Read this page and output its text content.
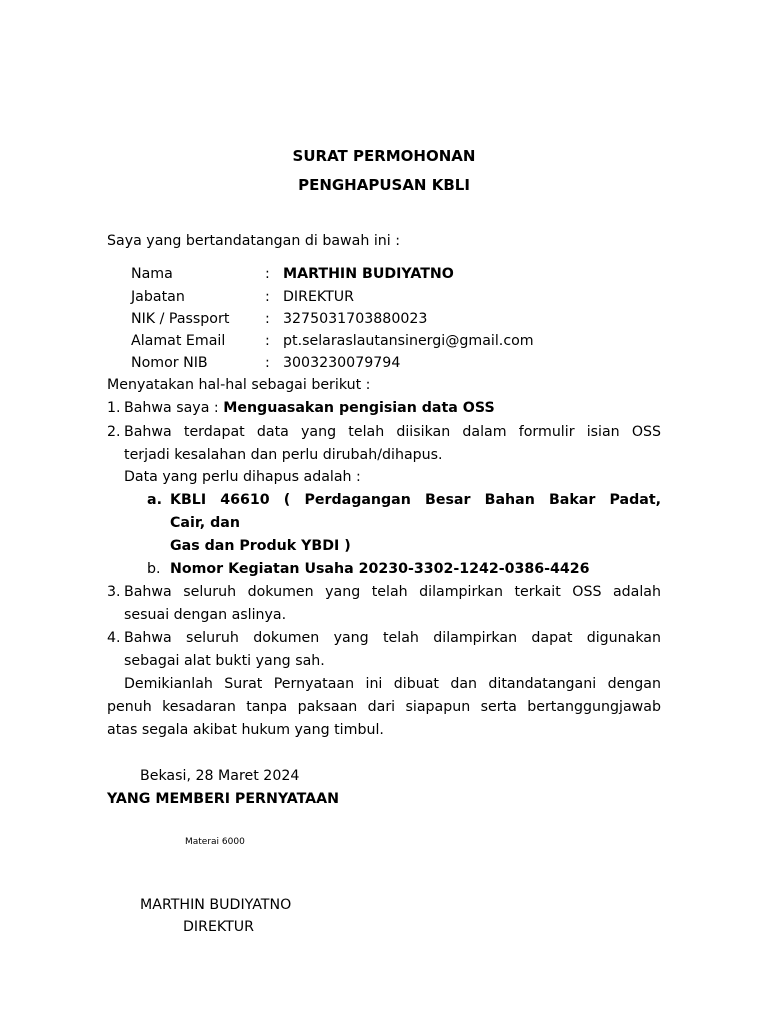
SURAT PERMOHONAN
PENGHAPUSAN KBLI
Saya yang bertandatangan di bawah ini :
Nama	: MARTHIN BUDIYATNO
Jabatan	: DIREKTUR
NIK / Passport	: 3275031703880023
Alamat Email	: pt.selaraslautansinergi@gmail.com
Nomor NIB	: 3003230079794
Menyatakan hal-hal sebagai berikut :
1. Bahwa saya : Menguasakan pengisian data OSS
2. Bahwa terdapat data yang telah diisikan dalam formulir isian OSS
terjadi kesalahan dan perlu dirubah/dihapus.
Data yang perlu dihapus adalah :
a. KBLI 46610 ( Perdagangan Besar Bahan Bakar Padat,
Cair, dan
Gas dan Produk YBDI )
b. Nomor Kegiatan Usaha 20230-3302-1242-0386-4426
3. Bahwa seluruh dokumen yang telah dilampirkan terkait OSS adalah
sesuai dengan aslinya.
4. Bahwa seluruh dokumen yang telah dilampirkan dapat digunakan
sebagai alat bukti yang sah.
Demikianlah Surat Pernyataan ini dibuat dan ditandatangani dengan
penuh kesadaran tanpa paksaan dari siapapun serta bertanggungjawab
atas segala akibat hukum yang timbul.
Bekasi, 28 Maret 2024
YANG MEMBERI PERNYATAAN
Materai 6000
MARTHIN BUDIYATNO
DIREKTUR
